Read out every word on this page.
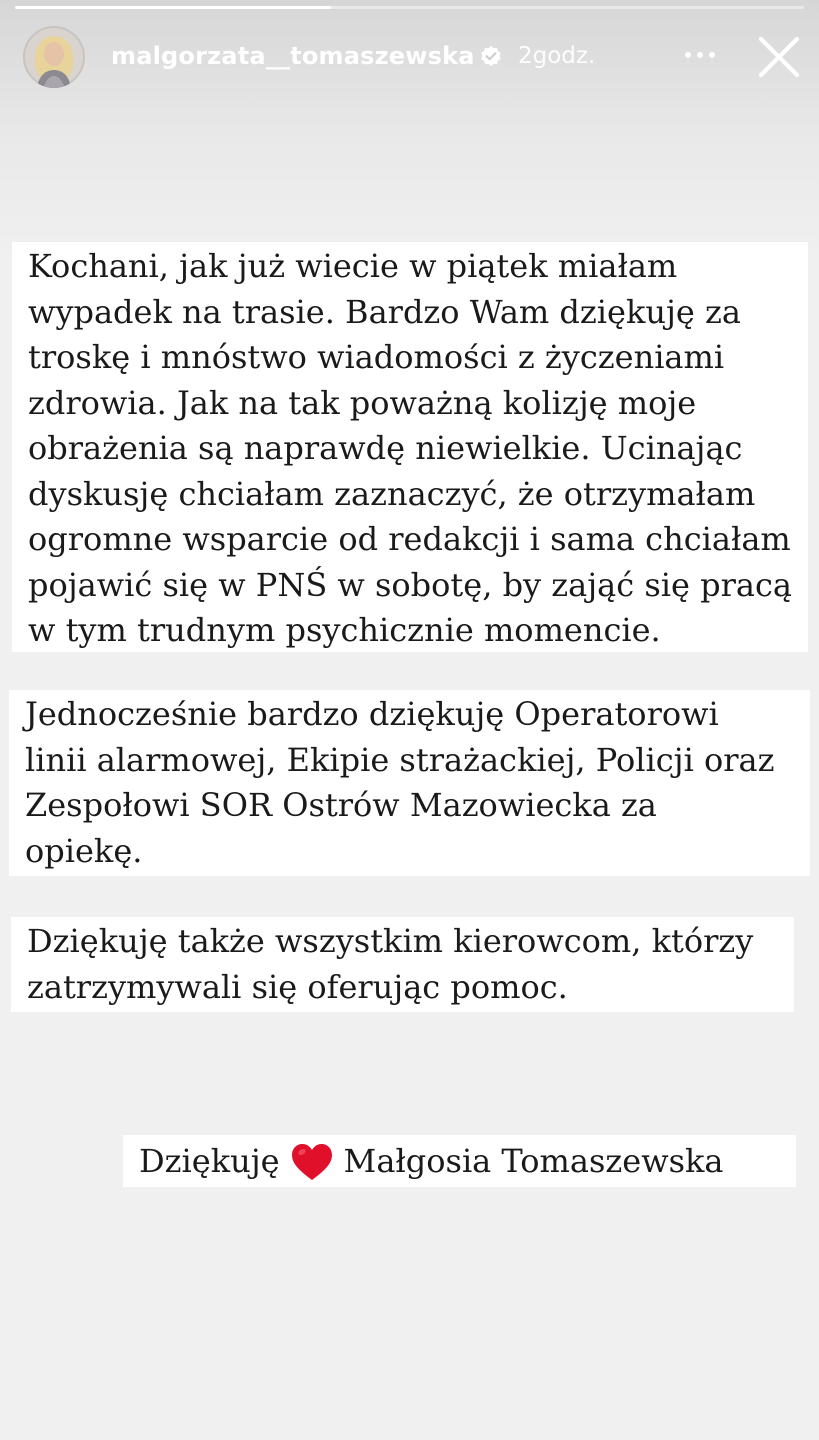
malgorzata__tomaszewska 2godz.
Kochani, jak już wiecie w piątek miałam
wypadek na trasie. Bardzo Wam dziękuję za
troskę i mnóstwo wiadomości z życzeniami
zdrowia. Jak na tak poważną kolizję moje
obrażenia są naprawdę niewielkie. Ucinając
dyskusję chciałam zaznaczyć, że otrzymałam
ogromne wsparcie od redakcji i sama chciałam
pojawić się w PNŚ w sobotę, by zająć się pracą
w tym trudnym psychicznie momencie.
Jednocześnie bardzo dziękuję Operatorowi
linii alarmowej, Ekipie strażackiej, Policji oraz
Zespołowi SOR Ostrów Mazowiecka za
opiekę.
Dziękuję także wszystkim kierowcom, którzy
zatrzymywali się oferując pomoc.
Dziękuję Małgosia Tomaszewska
